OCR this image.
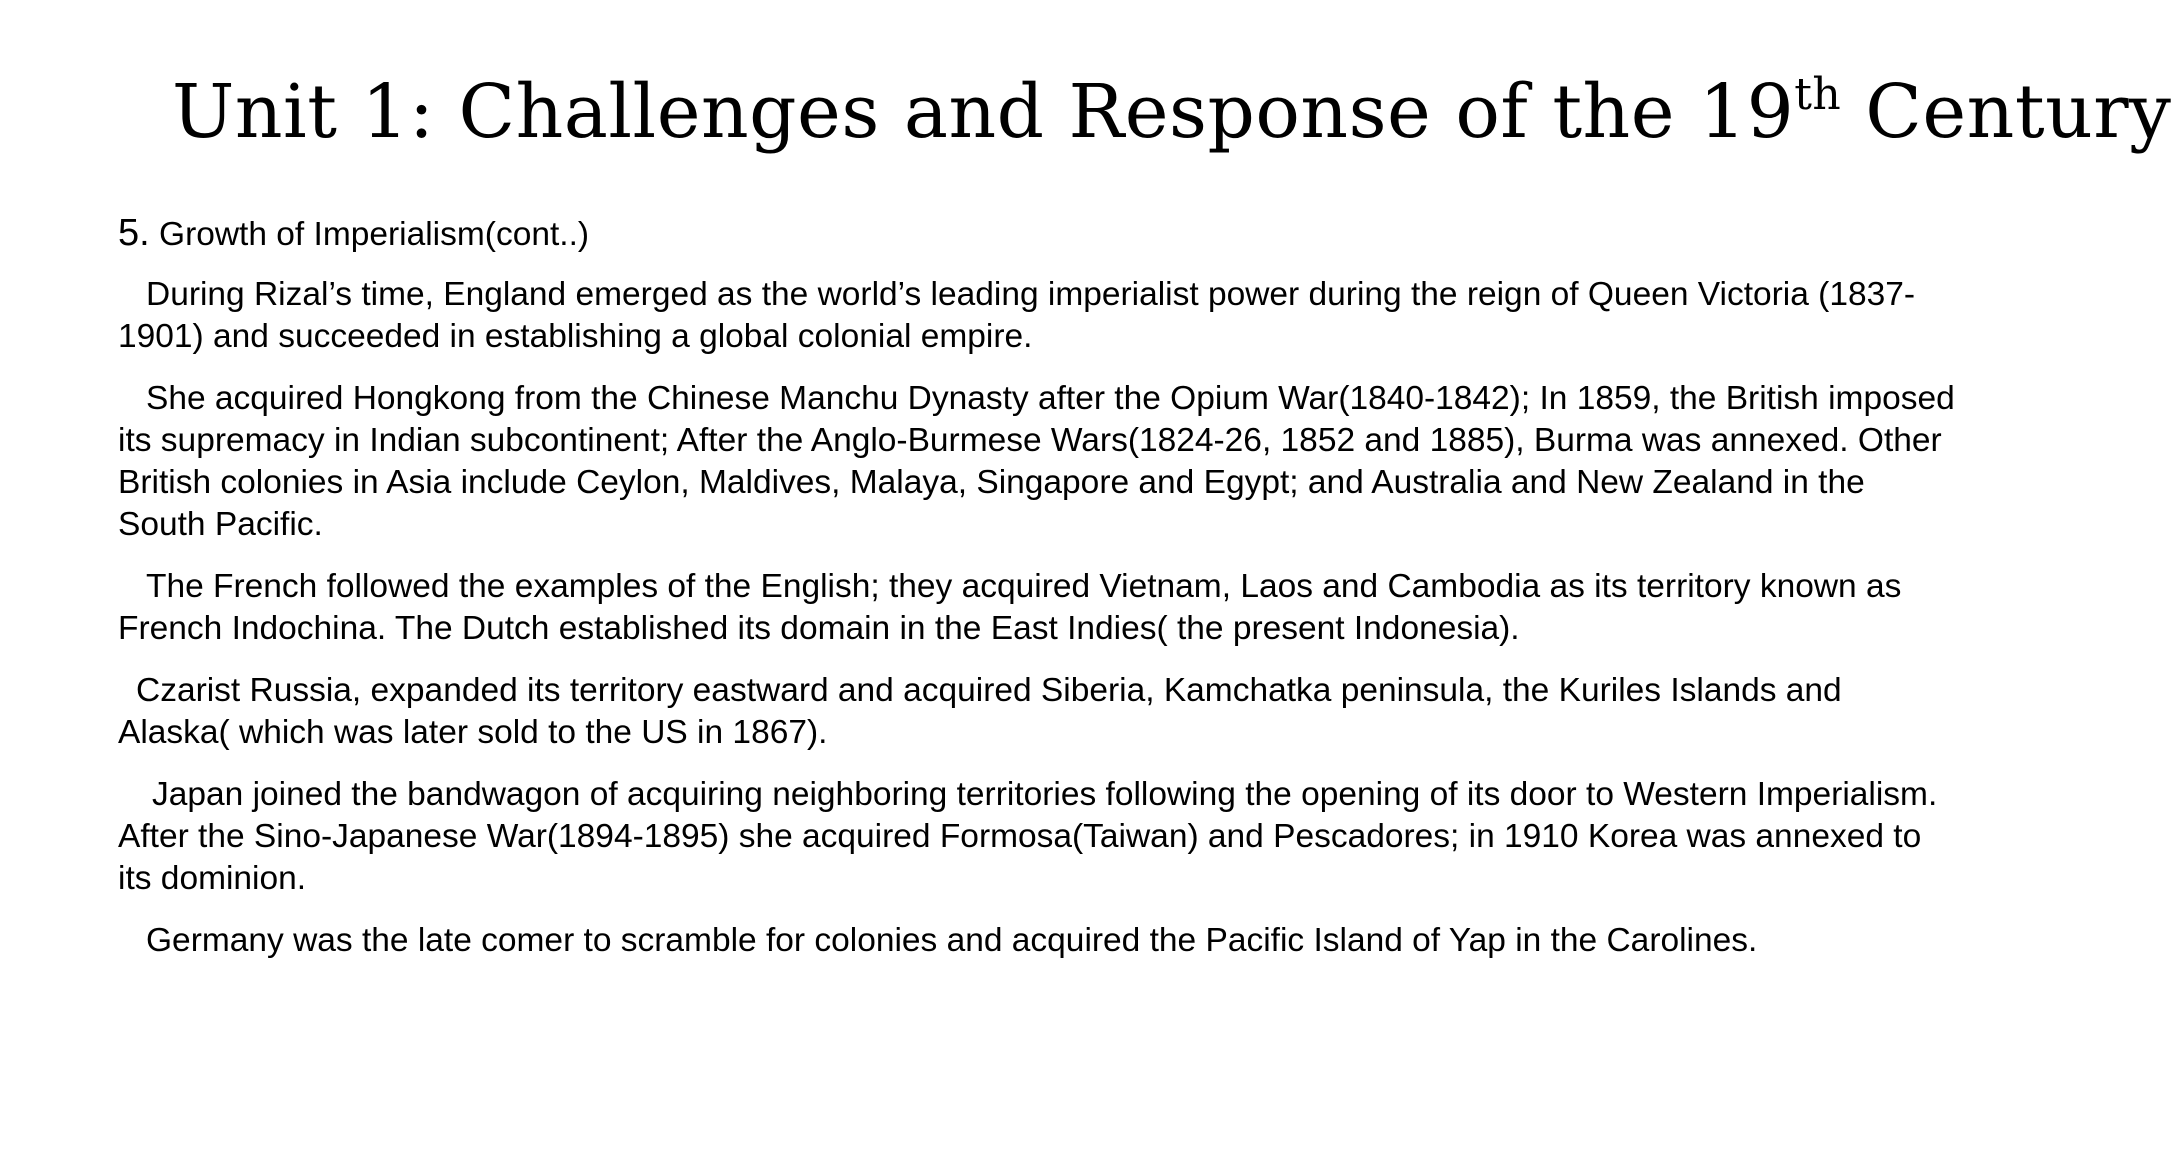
Unit 1: Challenges and Response of the 19th Century

5. Growth of Imperialism(cont..)

During Rizal’s time, England emerged as the world’s leading imperialist power during the reign of Queen Victoria (1837-1901) and succeeded in establishing a global colonial empire.

She acquired Hongkong from the Chinese Manchu Dynasty after the Opium War(1840-1842); In 1859, the British imposed its supremacy in Indian subcontinent; After the Anglo-Burmese Wars(1824-26, 1852 and 1885), Burma was annexed. Other British colonies in Asia include Ceylon, Maldives, Malaya, Singapore and Egypt; and Australia and New Zealand in the South Pacific.

The French followed the examples of the English; they acquired Vietnam, Laos and Cambodia as its territory known as French Indochina. The Dutch established its domain in the East Indies( the present Indonesia).

Czarist Russia, expanded its territory eastward and acquired Siberia, Kamchatka peninsula, the Kuriles Islands and Alaska( which was later sold to the US in 1867).

Japan joined the bandwagon of acquiring neighboring territories following the opening of its door to Western Imperialism. After the Sino-Japanese War(1894-1895) she acquired Formosa(Taiwan) and Pescadores; in 1910 Korea was annexed to its dominion.

Germany was the late comer to scramble for colonies and acquired the Pacific Island of Yap in the Carolines.
